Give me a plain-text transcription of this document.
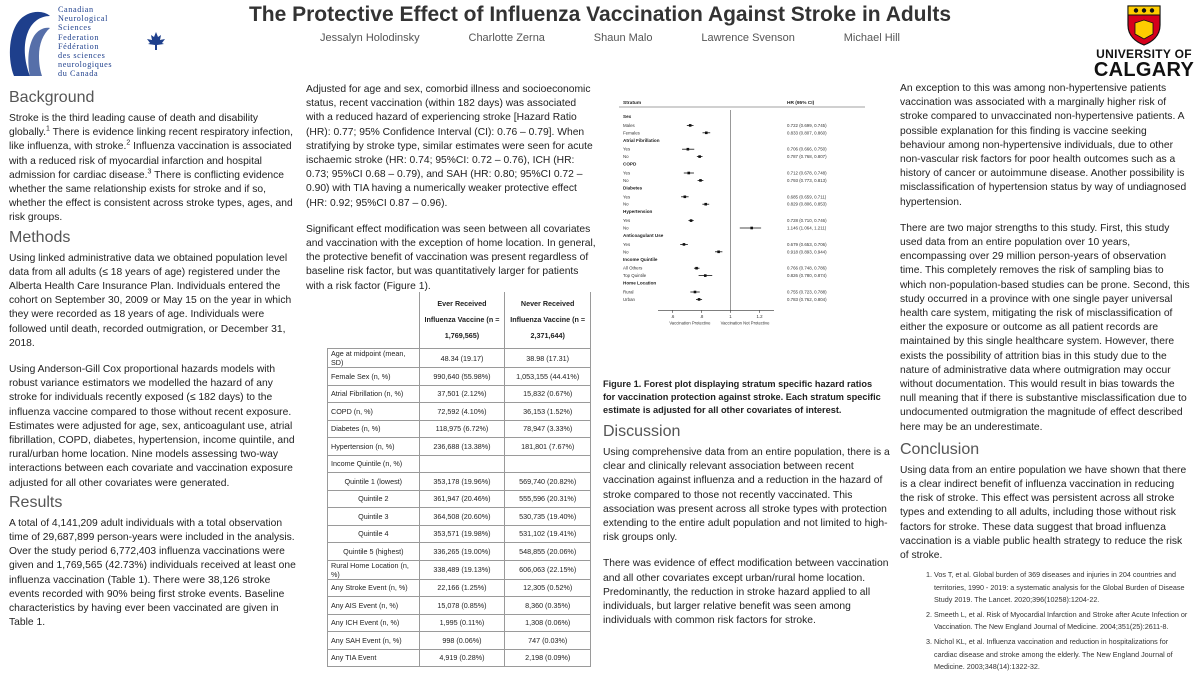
Canadian
Neurological
Sciences
Federation
Fédération
des sciences
neurologiques
du Canada
The Protective Effect of Influenza Vaccination Against Stroke in Adults
Jessalyn Holodinsky	Charlotte Zerna	Shaun Malo	Lawrence Svenson	Michael Hill
UNIVERSITY OF
CALGARY
Background

Stroke is the third leading cause of death and disability globally.$^1$ There is evidence linking recent respiratory infection, like influenza, with stroke.$^2$ Influenza vaccination is associated with a reduced risk of myocardial infarction and hospital admission for cardiac disease.$^3$ There is conflicting evidence whether the same relationship exists for stroke and if so, whether the effect is consistent across stroke types, ages, and risk groups.

Methods

Using linked administrative data we obtained population level data from all adults (≤ 18 years of age) registered under the Alberta Health Care Insurance Plan. Individuals entered the cohort on September 30, 2009 or May 15 on the year in which they were recorded as 18 years of age. Individuals were followed until death, recorded outmigration, or December 31, 2018.

Using Anderson-Gill Cox proportional hazards models with robust variance estimators we modelled the hazard of any stroke for individuals recently exposed (≤ 182 days) to the influenza vaccine compared to those without recent exposure. Estimates were adjusted for age, sex, anticoagulant use, atrial fibrillation, COPD, diabetes, hypertension, income quintile, and rural/urban home location. Nine models assessing two-way interactions between each covariate and vaccination exposure adjusted for all other covariates were generated.

Results

A total of 4,141,209 adult individuals with a total observation time of 29,687,899 person-years were included in the analysis. Over the study period 6,772,403 influenza vaccinations were given and 1,769,565 (42.73%) individuals received at least one influenza vaccination (Table 1). There were 38,126 stroke events recorded with 90% being first stroke events. Baseline characteristics by having ever been vaccinated are given in Table 1.

Adjusted for age and sex, comorbid illness and socioeconomic status, recent vaccination (within 182 days) was associated with a reduced hazard of experiencing stroke [Hazard Ratio (HR): 0.77; 95% Confidence Interval (CI): 0.76 – 0.79]. When stratifying by stroke type, similar estimates were seen for acute ischaemic stroke (HR: 0.74; 95%CI: 0.72 – 0.76), ICH (HR: 0.73; 95%CI 0.68 – 0.79), and SAH (HR: 0.80; 95%CI 0.72 – 0.90) with TIA having a numerically weaker protective effect (HR: 0.92; 95%CI 0.87 – 0.96).

Significant effect modification was seen between all covariates and vaccination with the exception of home location. In general, the protective benefit of vaccination was present regardless of baseline risk factor, but was quantitatively larger for patients with a risk factor (Figure 1).

	Ever Received Influenza Vaccine (n = 1,769,565)	Never Received Influenza Vaccine (n = 2,371,644)
Age at midpoint (mean, SD)	48.34 (19.17)	38.98 (17.31)
Female Sex (n, %)	990,640 (55.98%)	1,053,155 (44.41%)
Atrial Fibrillation (n, %)	37,501 (2.12%)	15,832 (0.67%)
COPD (n, %)	72,592 (4.10%)	36,153 (1.52%)
Diabetes (n, %)	118,975 (6.72%)	78,947 (3.33%)
Hypertension (n, %)	236,688 (13.38%)	181,801 (7.67%)
Income Quintile (n, %)		
Quintile 1 (lowest)	353,178 (19.96%)	569,740 (20.82%)
Quintile 2	361,947 (20.46%)	555,596 (20.31%)
Quintile 3	364,508 (20.60%)	530,735 (19.40%)
Quintile 4	353,571 (19.98%)	531,102 (19.41%)
Quintile 5 (highest)	336,265 (19.00%)	548,855 (20.06%)
Rural Home Location (n, %)	338,489 (19.13%)	606,063 (22.15%)
Any Stroke Event (n, %)	22,166 (1.25%)	12,305 (0.52%)
Any AIS Event (n, %)	15,078 (0.85%)	8,360 (0.35%)
Any ICH Event (n, %)	1,995 (0.11%)	1,308 (0.06%)
Any SAH Event (n, %)	998 (0.06%)	747 (0.03%)
Any TIA Event	4,919 (0.28%)	2,198 (0.09%)
Stratum	HR (95% CI)
Sex
Males	0.722 (0.699, 0.745)
Females	0.833 (0.807, 0.860)
Atrial Fibrillation
Yes	0.706 (0.666, 0.750)
No	0.787 (0.768, 0.807)
COPD
Yes	0.712 (0.678, 0.748)
No	0.793 (0.773, 0.813)
Diabetes
Yes	0.685 (0.659, 0.711)
No	0.829 (0.806, 0.853)
Hypertension
Yes	0.728 (0.710, 0.746)
No	1.146 (1.064, 1.211)
Anticoagulant Use
Yes	0.679 (0.653, 0.706)
No	0.918 (0.893, 0.944)
Income Quintile
All Others	0.766 (0.748, 0.786)
Top Quintile	0.826 (0.780, 0.874)
Home Location
Rural	0.755 (0.723, 0.788)
Urban	0.783 (0.762, 0.804)
.6	.8	1	1.2
Vaccination Protective Vaccination Not Protective
Figure 1. Forest plot displaying stratum specific hazard ratios for vaccination protection against stroke. Each stratum specific estimate is adjusted for all other covariates of interest.
Discussion

Using comprehensive data from an entire population, there is a clear and clinically relevant association between recent vaccination against influenza and a reduction in the hazard of stroke compared to those not recently vaccinated. This association was present across all stroke types with protection extending to the entire adult population and not limited to high-risk groups only.

There was evidence of effect modification between vaccination and all other covariates except urban/rural home location. Predominantly, the reduction in stroke hazard applied to all individuals, but larger relative benefit was seen among individuals with common risk factors for stroke.

An exception to this was among non-hypertensive patients vaccination was associated with a marginally higher risk of stroke compared to unvaccinated non-hypertensive patients. A possible explanation for this finding is vaccine seeking behaviour among non-hypertensive individuals, due to other non-vascular risk factors for poor health outcomes such as a history of cancer or autoimmune disease. Another possibility is misclassification of hypertension status by way of undiagnosed hypertension.

There are two major strengths to this study. First, this study used data from an entire population over 10 years, encompassing over 29 million person-years of observation time. This completely removes the risk of sampling bias to which non-population-based studies can be prone. Second, this study occurred in a province with one single payer universal health care system, mitigating the risk of misclassification of either the exposure or outcome as all patient records are maintained by this single healthcare system. However, there exists the possibility of attrition bias in this study due to the nature of administrative data where outmigration may occur without documentation. This would result in bias towards the null meaning that if there is substantive misclassification due to undocumented outmigration the magnitude of effect described here may be an underestimate.

Conclusion

Using data from an entire population we have shown that there is a clear indirect benefit of influenza vaccination in reducing the risk of stroke. This effect was persistent across all stroke types and extending to all adults, including those without risk factors for stroke. These data suggest that broad influenza vaccination is a viable public health strategy to reduce the risk of stroke.

1. Vos T, et al. Global burden of 369 diseases and injuries in 204 countries and territories, 1990 - 2019: a systematic analysis for the Global Burden of Disease Study 2019. The Lancet. 2020;396(10258):1204-22.
2. Smeeth L, et al. Risk of Myocardial Infarction and Stroke after Acute Infection or Vaccination. The New England Journal of Medicine. 2004;351(25):2611-8.
3. Nichol KL, et al. Influenza vaccination and reduction in hospitalizations for cardiac disease and stroke among the elderly. The New England Journal of Medicine. 2003;348(14):1322-32.
